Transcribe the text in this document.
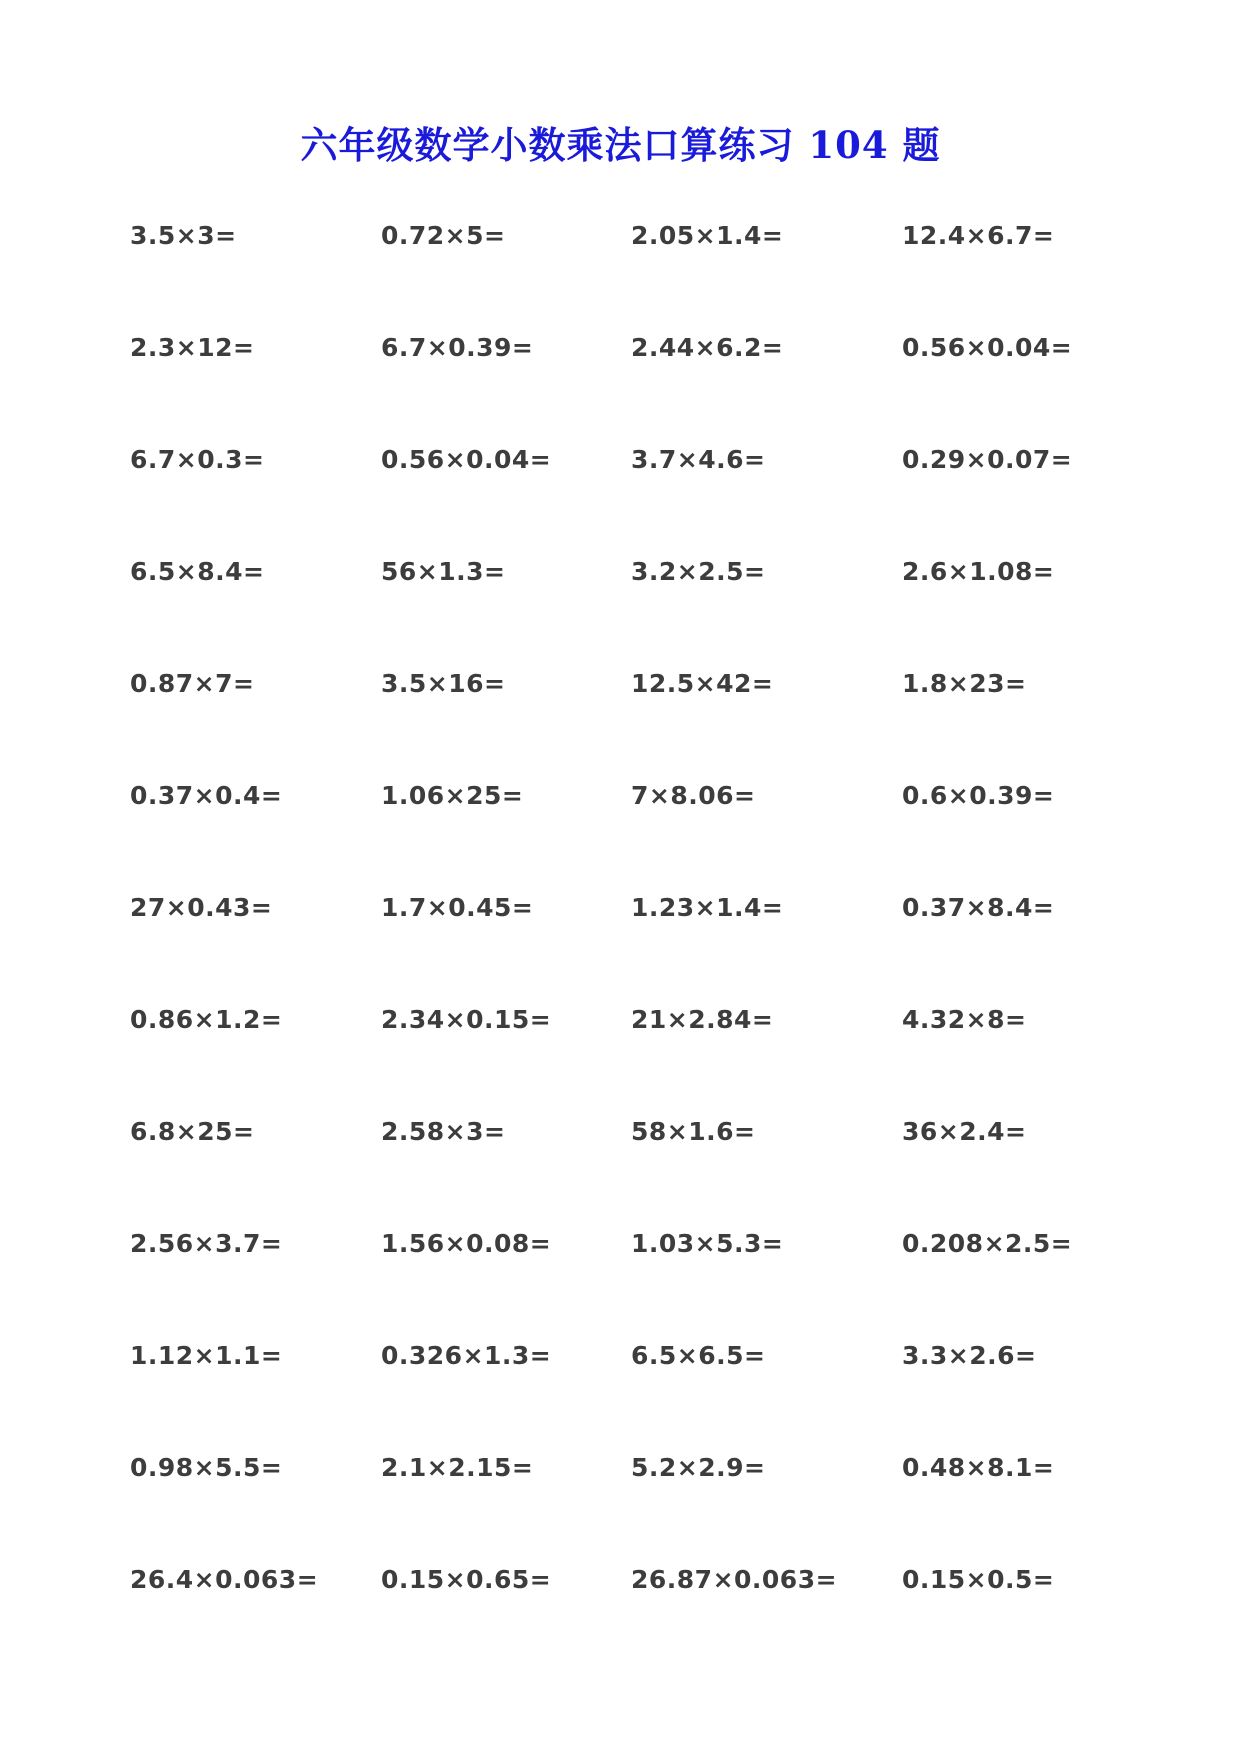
六年级数学小数乘法口算练习 104 题
3.5×3=	0.72×5=	2.05×1.4=	12.4×6.7=
2.3×12=	6.7×0.39=	2.44×6.2=	0.56×0.04=
6.7×0.3=	0.56×0.04=	3.7×4.6=	0.29×0.07=
6.5×8.4=	56×1.3=	3.2×2.5=	2.6×1.08=
0.87×7=	3.5×16=	12.5×42=	1.8×23=
0.37×0.4=	1.06×25=	7×8.06=	0.6×0.39=
27×0.43=	1.7×0.45=	1.23×1.4=	0.37×8.4=
0.86×1.2=	2.34×0.15=	21×2.84=	4.32×8=
6.8×25=	2.58×3=	58×1.6=	36×2.4=
2.56×3.7=	1.56×0.08=	1.03×5.3=	0.208×2.5=
1.12×1.1=	0.326×1.3=	6.5×6.5=	3.3×2.6=
0.98×5.5=	2.1×2.15=	5.2×2.9=	0.48×8.1=
26.4×0.063=	0.15×0.65=	26.87×0.063=	0.15×0.5=
